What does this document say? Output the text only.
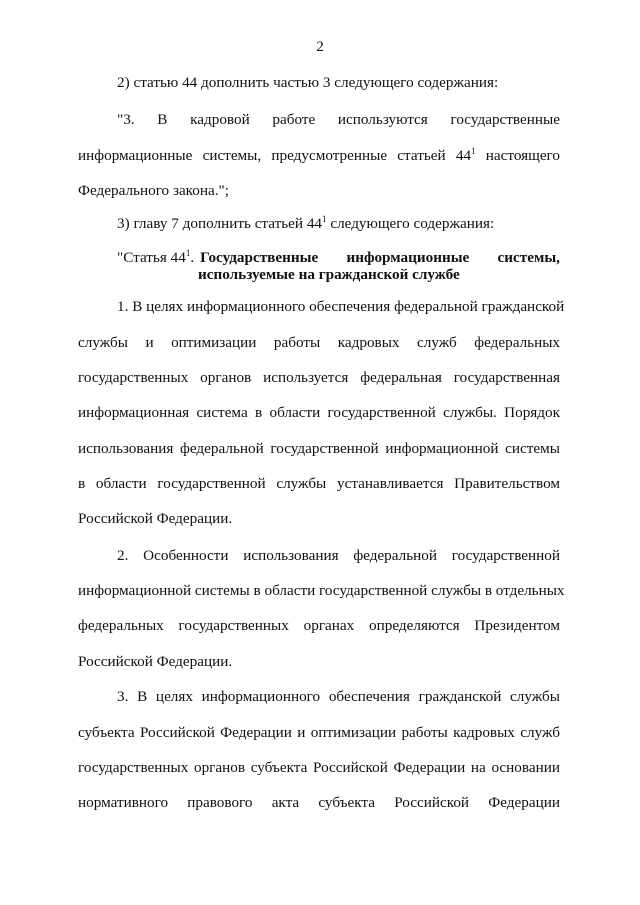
2
2) статью 44 дополнить частью 3 следующего содержания:
"3. В кадровой работе используются государственные
информационные системы, предусмотренные статьей $44^1$ настоящего
Федерального закона.";
3) главу 7 дополнить статьей $44^1$ следующего содержания:
"Статья $44^1$. Государственные информационные системы,
используемые на гражданской службе
1. В целях информационного обеспечения федеральной гражданской
службы и оптимизации работы кадровых служб федеральных
государственных органов используется федеральная государственная
информационная система в области государственной службы. Порядок
использования федеральной государственной информационной системы
в области государственной службы устанавливается Правительством
Российской Федерации.
2. Особенности использования федеральной государственной
информационной системы в области государственной службы в отдельных
федеральных государственных органах определяются Президентом
Российской Федерации.
3. В целях информационного обеспечения гражданской службы
субъекта Российской Федерации и оптимизации работы кадровых служб
государственных органов субъекта Российской Федерации на основании
нормативного правового акта субъекта Российской Федерации
